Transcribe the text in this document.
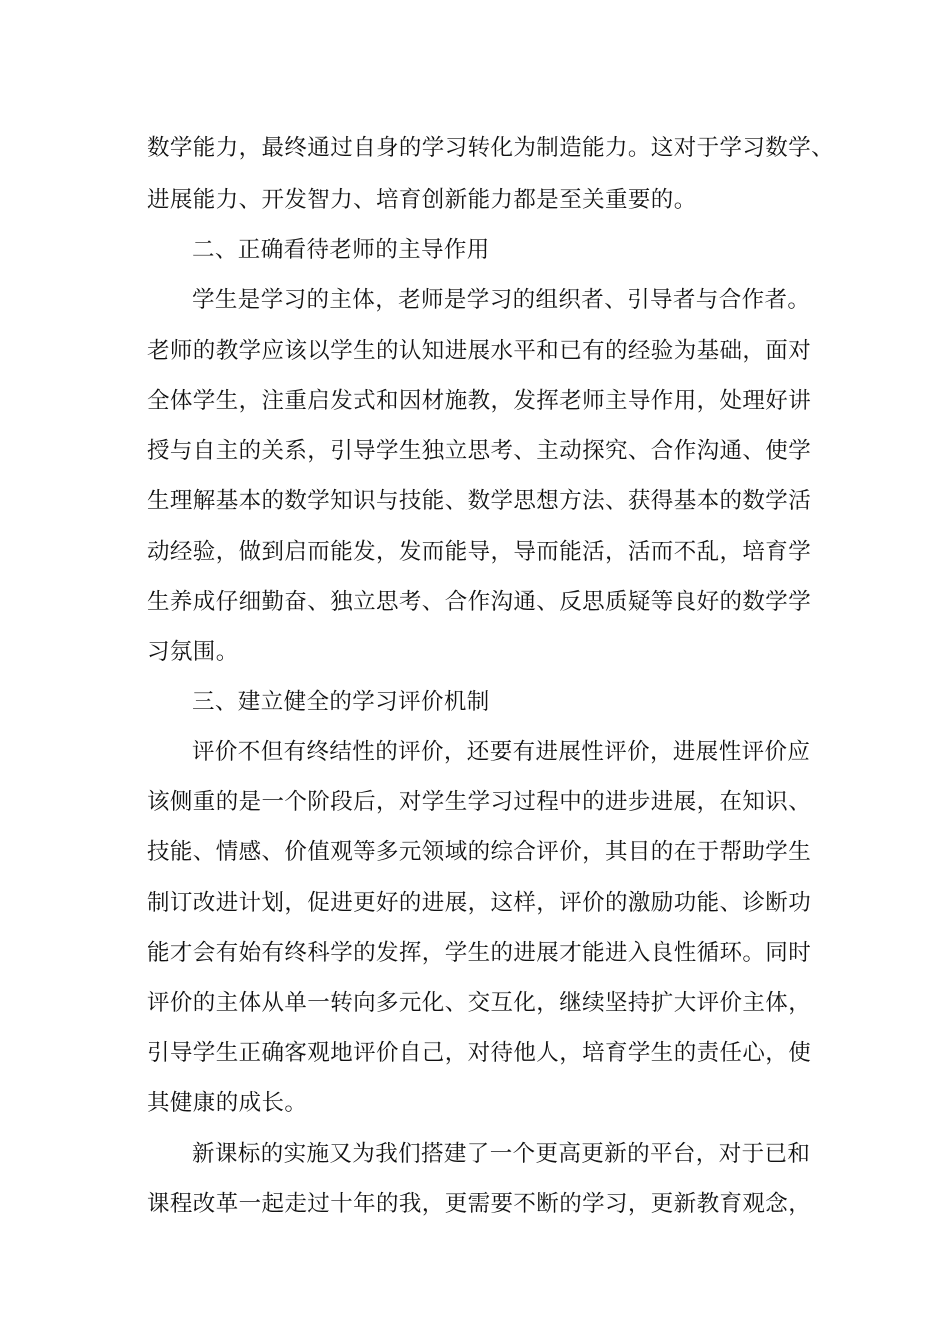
数学能力，最终通过自身的学习转化为制造能力。这对于学习数学、
进展能力、开发智力、培育创新能力都是至关重要的。
二、正确看待老师的主导作用
学生是学习的主体，老师是学习的组织者、引导者与合作者。
老师的教学应该以学生的认知进展水平和已有的经验为基础，面对
全体学生，注重启发式和因材施教，发挥老师主导作用，处理好讲
授与自主的关系，引导学生独立思考、主动探究、合作沟通、使学
生理解基本的数学知识与技能、数学思想方法、获得基本的数学活
动经验，做到启而能发，发而能导，导而能活，活而不乱，培育学
生养成仔细勤奋、独立思考、合作沟通、反思质疑等良好的数学学
习氛围。
三、建立健全的学习评价机制
评价不但有终结性的评价，还要有进展性评价，进展性评价应
该侧重的是一个阶段后，对学生学习过程中的进步进展，在知识、
技能、情感、价值观等多元领域的综合评价，其目的在于帮助学生
制订改进计划，促进更好的进展，这样，评价的激励功能、诊断功
能才会有始有终科学的发挥，学生的进展才能进入良性循环。同时
评价的主体从单一转向多元化、交互化，继续坚持扩大评价主体，
引导学生正确客观地评价自己，对待他人，培育学生的责任心，使
其健康的成长。
新课标的实施又为我们搭建了一个更高更新的平台，对于已和
课程改革一起走过十年的我，更需要不断的学习，更新教育观念，
